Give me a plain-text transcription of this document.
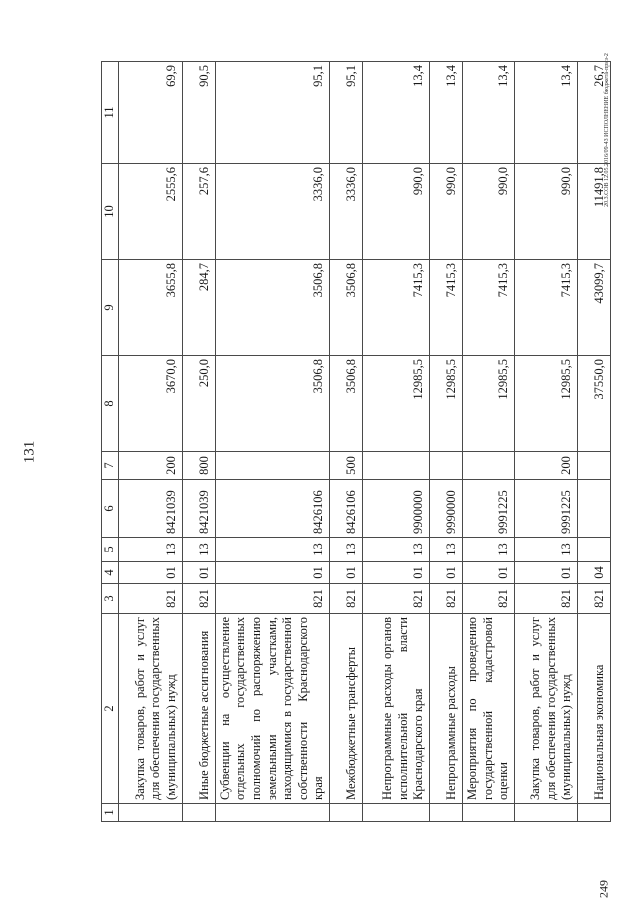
131
20.3.COB 12.05.2016/09-43 ИСПОЛНЕНИЕ бюджета-приз-2
249
1	2	3	4	5	6	7	8	9	10	11
	Закупка товаров, работ и услуг для обеспечения государственных (муниципальных) нужд	821	01	13	8421039	200	3670,0	3655,8	2555,6	69,9
	Иные бюджетные ассигнования	821	01	13	8421039	800	250,0	284,7	257,6	90,5
	Субвенции на осуществление отдельных государственных полномочий по распоряжению земельными участками, находящимися в государственной собственности Краснодарского края	821	01	13	8426106		3506,8	3506,8	3336,0	95,1
	Межбюджетные трансферты	821	01	13	8426106	500	3506,8	3506,8	3336,0	95,1
	Непрограммные расходы органов исполнительной власти Краснодарского края	821	01	13	9900000		12985,5	7415,3	990,0	13,4
	Непрограммные расходы	821	01	13	9990000		12985,5	7415,3	990,0	13,4
	Мероприятия по проведению государственной кадастровой оценки	821	01	13	9991225		12985,5	7415,3	990,0	13,4
	Закупка товаров, работ и услуг для обеспечения государственных (муниципальных) нужд	821	01	13	9991225	200	12985,5	7415,3	990,0	13,4
	Национальная экономика	821	04				37550,0	43099,7	11491,8	26,7
